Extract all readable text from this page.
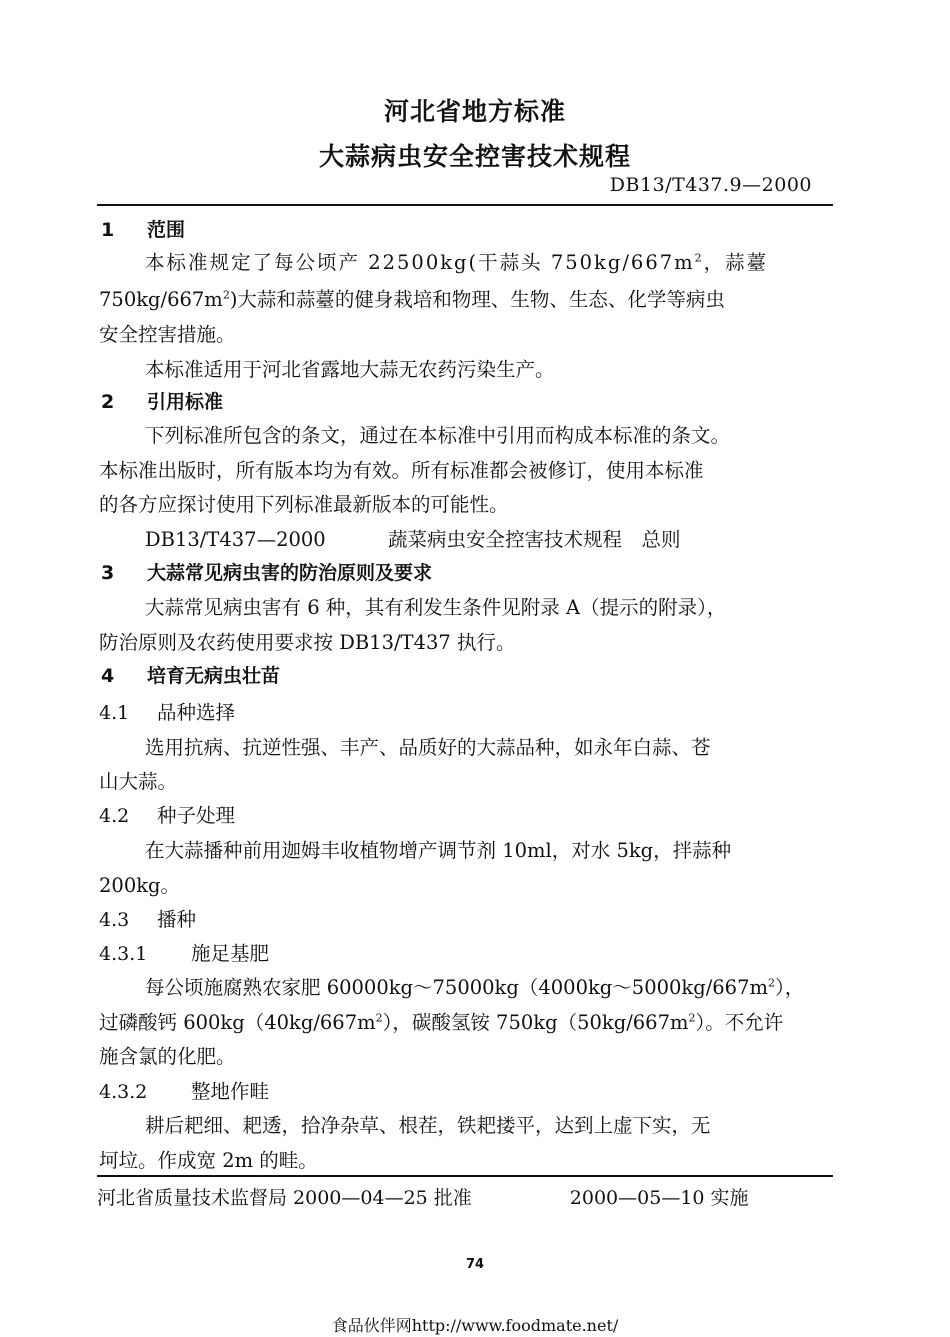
河北省地方标准
大蒜病虫安全控害技术规程
DB13/T437.9—2000
1 范围
本标准规定了每公顷产 22500kg(干蒜头 $750kg/667m^2$，蒜薹
$750kg/667m^2$)大蒜和蒜薹的健身栽培和物理、生物、生态、化学等病虫
安全控害措施。
本标准适用于河北省露地大蒜无农药污染生产。
2 引用标准
下列标准所包含的条文，通过在本标准中引用而构成本标准的条文。
本标准出版时，所有版本均为有效。所有标准都会被修订，使用本标准
的各方应探讨使用下列标准最新版本的可能性。
DB13/T437—2000	蔬菜病虫安全控害技术规程　总则
3 大蒜常见病虫害的防治原则及要求
大蒜常见病虫害有 6 种，其有利发生条件见附录 A（提示的附录），
防治原则及农药使用要求按 DB13/T437 执行。
4 培育无病虫壮苗
4.1 品种选择
选用抗病、抗逆性强、丰产、品质好的大蒜品种，如永年白蒜、苍
山大蒜。
4.2 种子处理
在大蒜播种前用迦姆丰收植物增产调节剂 10ml，对水 5kg，拌蒜种
200kg。
4.3 播种
4.3.1 施足基肥
每公顷施腐熟农家肥 $60000kg\sim 75000kg(4000kg\sim 5000kg/667m^2)$，
过磷酸钙 $600kg(40kg/667m^2)$，碳酸氢铵 $750kg(50kg/667m^2)$。不允许
施含氯的化肥。
4.3.2 整地作畦
耕后耙细、耙透，拾净杂草、根茬，铁耙搂平，达到上虚下实，无
坷垃。作成宽 2m 的畦。
河北省质量技术监督局 2000—04—25 批准	2000—05—10 实施
74
食品伙伴网http://www.foodmate.net/
